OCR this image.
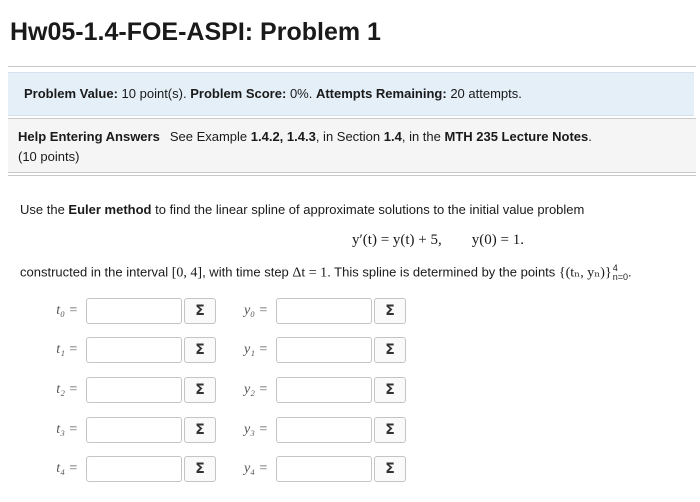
Hw05-1.4-FOE-ASPI: Problem 1
Problem Value: 10 point(s). Problem Score: 0%. Attempts Remaining: 20 attempts.
Help Entering Answers See Example 1.4.2, 1.4.3, in Section 1.4, in the MTH 235 Lecture Notes.
(10 points)
Use the Euler method to find the linear spline of approximate solutions to the initial value problem
y′(t) = y(t) + 5,        y(0) = 1.
constructed in the interval [0, 4], with time step Δt = 1. This spline is determined by the points {(tₙ, yₙ)} 4
n=0 .
t₀ =	Σ	y₀ =	Σ
t₁ =	Σ	y₁ =	Σ
t₂ =	Σ	y₂ =	Σ
t₃ =	Σ	y₃ =	Σ
t₄ =	Σ	y₄ =	Σ
